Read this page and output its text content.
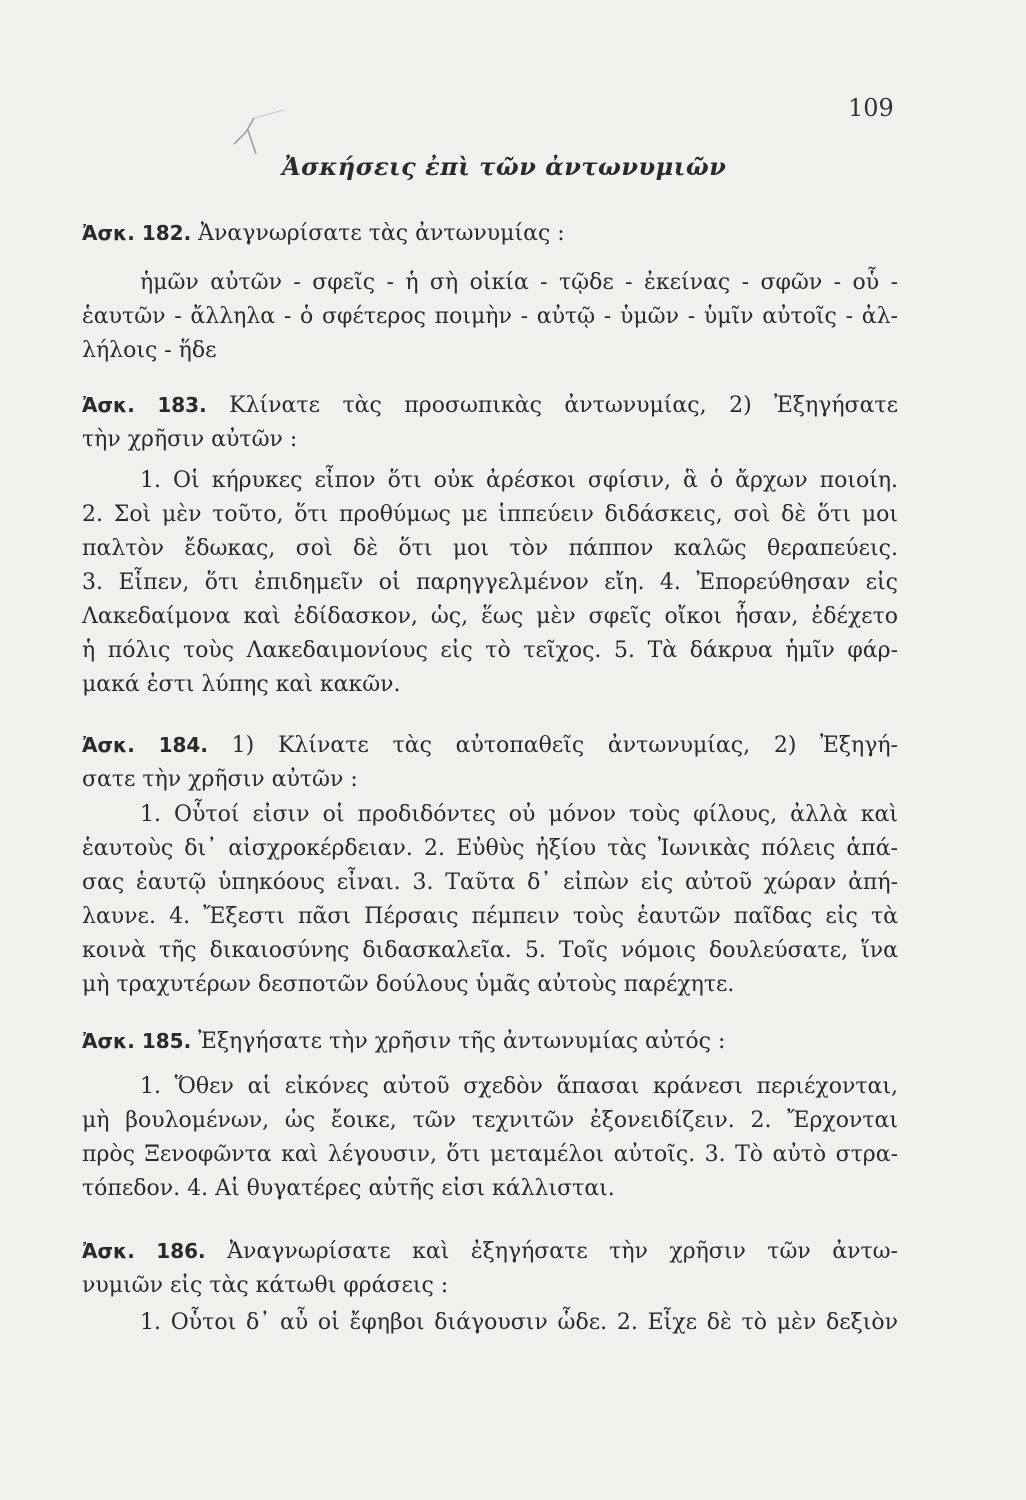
109
Ἀσκήσεις ἐπὶ τῶν ἀντωνυμιῶν
Ἀσκ. 182. Ἀναγνωρίσατε τὰς ἀντωνυμίας :
ἡμῶν αὐτῶν - σφεῖς - ἡ σὴ οἰκία - τῷδε - ἐκείνας - σφῶν - οὗ -
ἑαυτῶν - ἄλληλα - ὁ σφέτερος ποιμὴν - αὐτῷ - ὑμῶν - ὑμῖν αὐτοῖς - ἀλ-
λήλοις - ἥδε
Ἀσκ. 183. Κλίνατε τὰς προσωπικὰς ἀντωνυμίας, 2) Ἐξηγήσατε
τὴν χρῆσιν αὐτῶν :
1. Οἱ κήρυκες εἶπον ὅτι οὐκ ἀρέσκοι σφίσιν, ἃ ὁ ἄρχων ποιοίη.
2. Σοὶ μὲν τοῦτο, ὅτι προθύμως με ἱππεύειν διδάσκεις, σοὶ δὲ ὅτι μοι
παλτὸν ἔδωκας, σοὶ δὲ ὅτι μοι τὸν πάππον καλῶς θεραπεύεις.
3. Εἶπεν, ὅτι ἐπιδημεῖν οἱ παρηγγελμένον εἴη. 4. Ἐπορεύθησαν εἰς
Λακεδαίμονα καὶ ἐδίδασκον, ὡς, ἕως μὲν σφεῖς οἴκοι ἦσαν, ἐδέχετο
ἡ πόλις τοὺς Λακεδαιμονίους εἰς τὸ τεῖχος. 5. Τὰ δάκρυα ἡμῖν φάρ-
μακά ἐστι λύπης καὶ κακῶν.
Ἀσκ. 184. 1) Κλίνατε τὰς αὐτοπαθεῖς ἀντωνυμίας, 2) Ἐξηγή-
σατε τὴν χρῆσιν αὐτῶν :
1. Οὗτοί εἰσιν οἱ προδιδόντες οὐ μόνον τοὺς φίλους, ἀλλὰ καὶ
ἑαυτοὺς δι᾽ αἰσχροκέρδειαν. 2. Εὐθὺς ἠξίου τὰς Ἰωνικὰς πόλεις ἁπά-
σας ἑαυτῷ ὑπηκόους εἶναι. 3. Ταῦτα δ᾽ εἰπὼν εἰς αὐτοῦ χώραν ἀπή-
λαυνε. 4. Ἔξεστι πᾶσι Πέρσαις πέμπειν τοὺς ἑαυτῶν παῖδας εἰς τὰ
κοινὰ τῆς δικαιοσύνης διδασκαλεῖα. 5. Τοῖς νόμοις δουλεύσατε, ἵνα
μὴ τραχυτέρων δεσποτῶν δούλους ὑμᾶς αὐτοὺς παρέχητε.
Ἀσκ. 185. Ἐξηγήσατε τὴν χρῆσιν τῆς ἀντωνυμίας αὐτός :
1. Ὅθεν αἱ εἰκόνες αὐτοῦ σχεδὸν ἅπασαι κράνεσι περιέχονται,
μὴ βουλομένων, ὡς ἔοικε, τῶν τεχνιτῶν ἐξονειδίζειν. 2. Ἔρχονται
πρὸς Ξενοφῶντα καὶ λέγουσιν, ὅτι μεταμέλοι αὐτοῖς. 3. Τὸ αὐτὸ στρα-
τόπεδον. 4. Αἱ θυγατέρες αὐτῆς εἰσι κάλλισται.
Ἀσκ. 186. Ἀναγνωρίσατε καὶ ἐξηγήσατε τὴν χρῆσιν τῶν ἀντω-
νυμιῶν εἰς τὰς κάτωθι φράσεις :
1. Οὗτοι δ᾽ αὖ οἱ ἔφηβοι διάγουσιν ὧδε. 2. Εἶχε δὲ τὸ μὲν δεξιὸν
